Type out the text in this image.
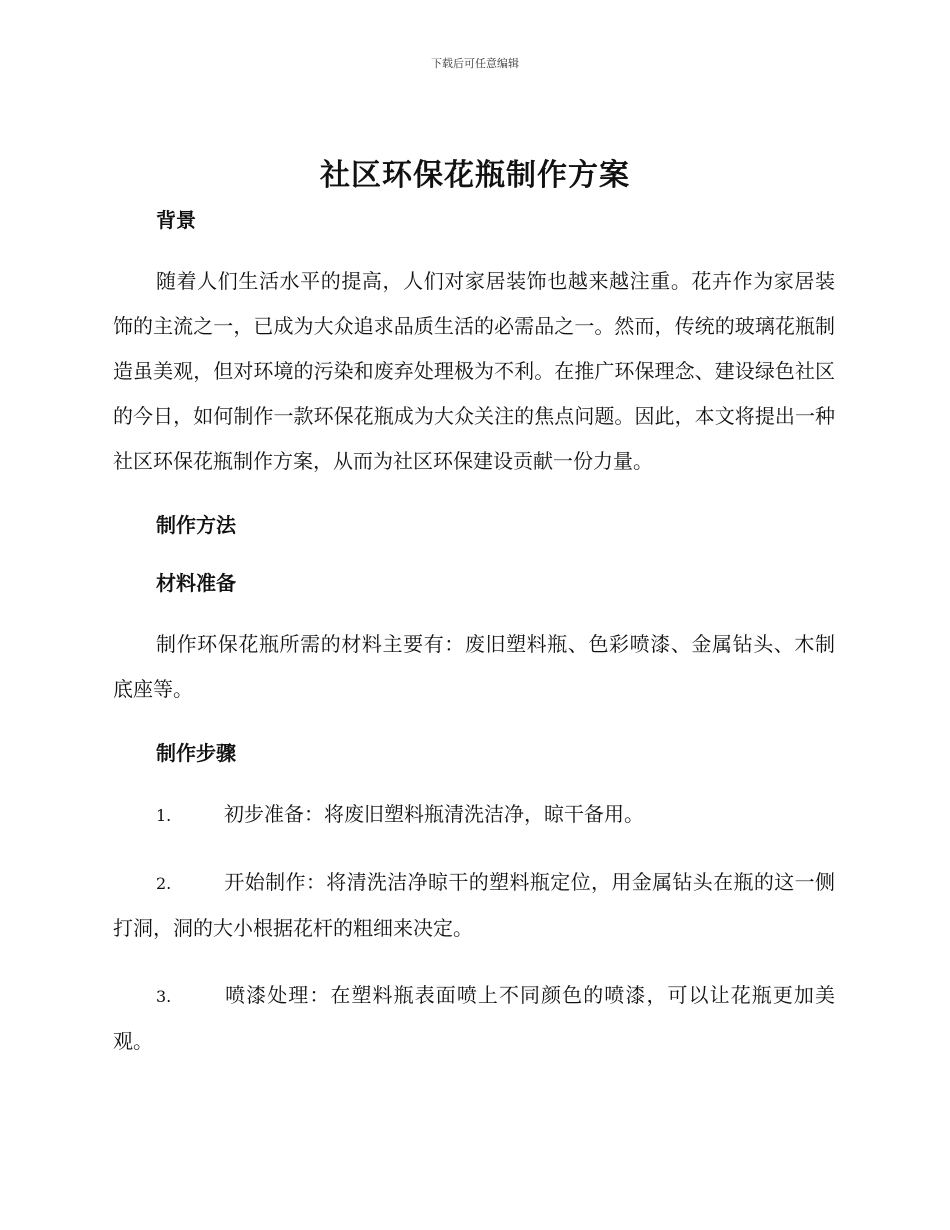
下载后可任意编辑
社区环保花瓶制作方案
背景

随着人们生活水平的提高，人们对家居装饰也越来越注重。花卉作为家居装饰的主流之一，已成为大众追求品质生活的必需品之一。然而，传统的玻璃花瓶制造虽美观，但对环境的污染和废弃处理极为不利。在推广环保理念、建设绿色社区的今日，如何制作一款环保花瓶成为大众关注的焦点问题。因此，本文将提出一种社区环保花瓶制作方案，从而为社区环保建设贡献一份力量。

制作方法
材料准备

制作环保花瓶所需的材料主要有：废旧塑料瓶、色彩喷漆、金属钻头、木制底座等。

制作步骤

1.	初步准备：将废旧塑料瓶清洗洁净，晾干备用。

2.	开始制作：将清洗洁净晾干的塑料瓶定位，用金属钻头在瓶的这一侧打洞，洞的大小根据花杆的粗细来决定。

3.	喷漆处理：在塑料瓶表面喷上不同颜色的喷漆，可以让花瓶更加美观。
